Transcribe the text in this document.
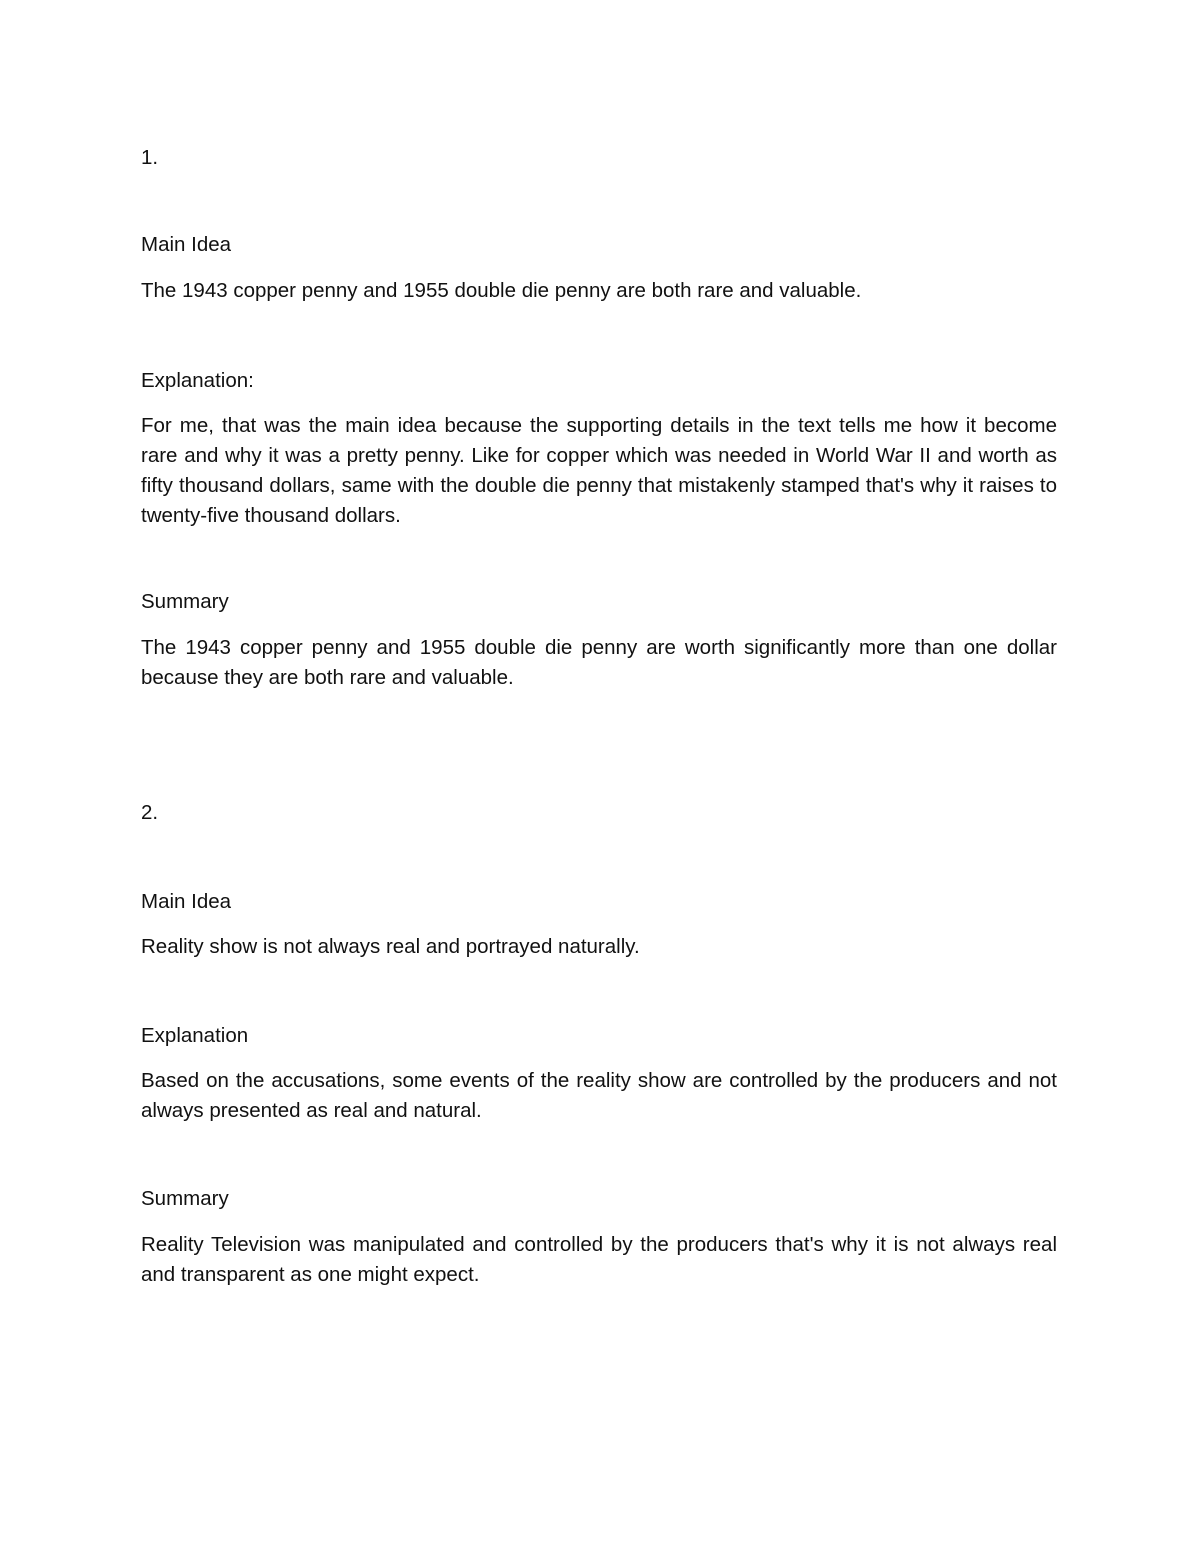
1.

Main Idea

The 1943 copper penny and 1955 double die penny are both rare and valuable.

Explanation:

For me, that was the main idea because the supporting details in the text tells me how it become rare and why it was a pretty penny. Like for copper which was needed in World War II and worth as fifty thousand dollars, same with the double die penny that mistakenly stamped that's why it raises to twenty-five thousand dollars.

Summary

The 1943 copper penny and 1955 double die penny are worth significantly more than one dollar because they are both rare and valuable.

2.

Main Idea

Reality show is not always real and portrayed naturally.

Explanation

Based on the accusations, some events of the reality show are controlled by the producers and not always presented as real and natural.

Summary

Reality Television was manipulated and controlled by the producers that's why it is not always real and transparent as one might expect.
